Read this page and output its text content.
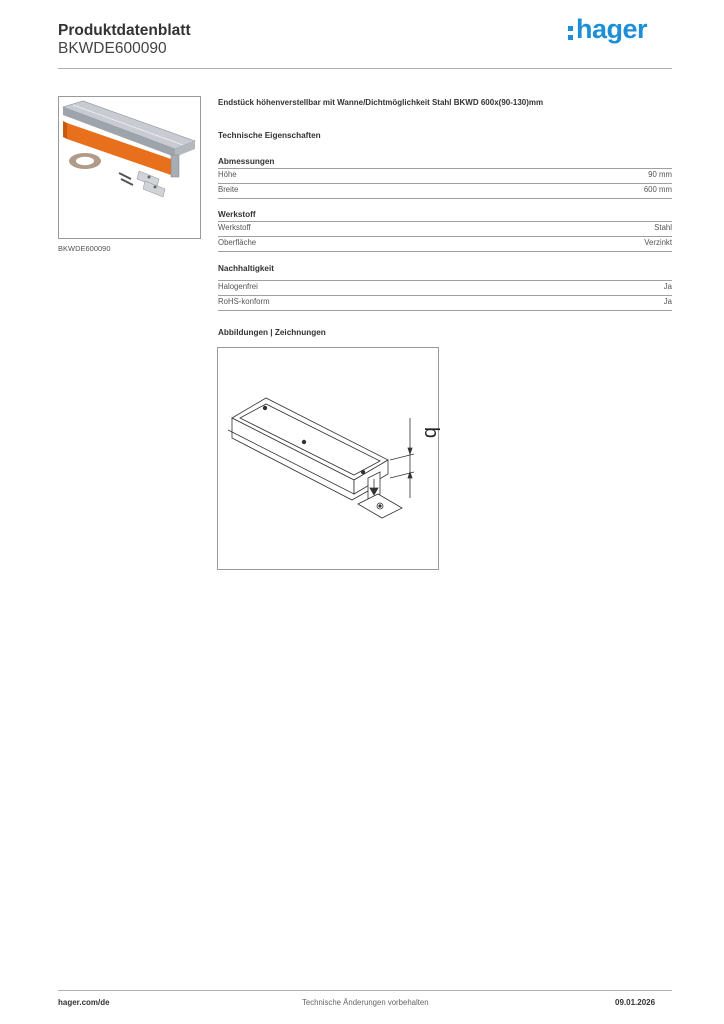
Produktdatenblatt
BKWDE600090
hager
BKWDE600090
Endstück höhenverstellbar mit Wanne/Dichtmöglichkeit Stahl BKWD 600x(90-130)mm
Technische Eigenschaften
Abmessungen
Höhe	90 mm
Breite	600 mm
Werkstoff
Werkstoff	Stahl
Oberfläche	Verzinkt
Nachhaltigkeit
Halogenfrei	Ja
RoHS-konform	Ja
Abbildungen | Zeichnungen
b
hager.com/de	Technische Änderungen vorbehalten	09.01.2026
